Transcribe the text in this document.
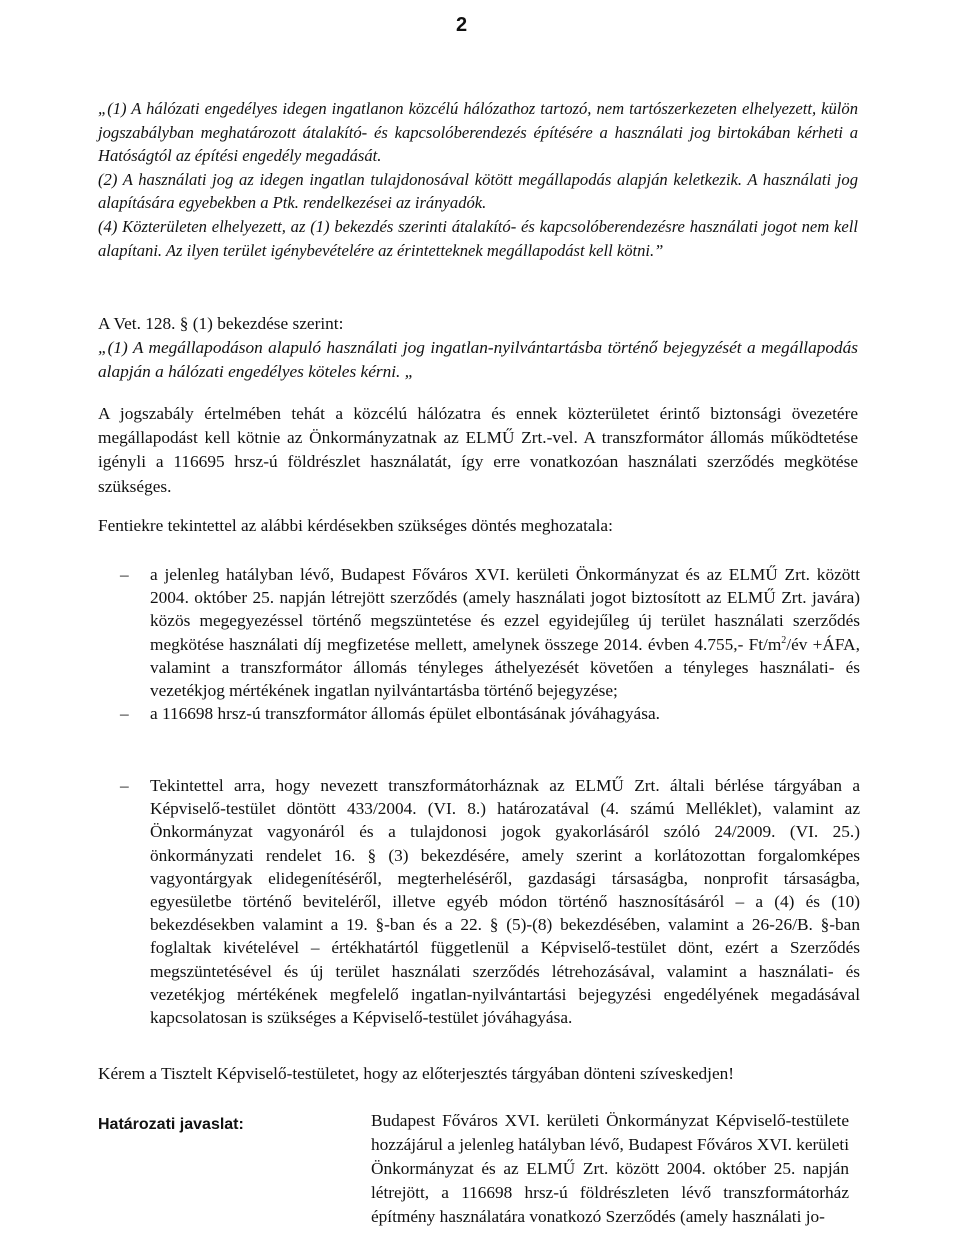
2

„(1) A hálózati engedélyes idegen ingatlanon közcélú hálózathoz tartozó, nem tartószerkezeten elhelyezett, külön jogszabályban meghatározott átalakító- és kapcsolóberendezés építésére a használati jog birtokában kérheti a Hatóságtól az építési engedély megadását.

(2) A használati jog az idegen ingatlan tulajdonosával kötött megállapodás alapján keletkezik. A használati jog alapítására egyebekben a Ptk. rendelkezései az irányadók.

(4) Közterületen elhelyezett, az (1) bekezdés szerinti átalakító- és kapcsolóberendezésre használati jogot nem kell alapítani. Az ilyen terület igénybevételére az érintetteknek megállapodást kell kötni.”

A Vet. 128. § (1) bekezdése szerint:

„(1) A megállapodáson alapuló használati jog ingatlan-nyilvántartásba történő bejegyzését a megállapodás alapján a hálózati engedélyes köteles kérni. „

A jogszabály értelmében tehát a közcélú hálózatra és ennek közterületet érintő biztonsági övezetére megállapodást kell kötnie az Önkormányzatnak az ELMŰ Zrt.-vel. A transzformátor állomás működtetése igényli a 116695 hrsz-ú földrészlet használatát, így erre vonatkozóan használati szerződés megkötése szükséges.

Fentiekre tekintettel az alábbi kérdésekben szükséges döntés meghozatala:

– a jelenleg hatályban lévő, Budapest Főváros XVI. kerületi Önkormányzat és az ELMŰ Zrt. között 2004. október 25. napján létrejött szerződés (amely használati jogot biztosított az ELMŰ Zrt. javára) közös megegyezéssel történő megszüntetése és ezzel egyidejűleg új terület használati szerződés megkötése használati díj megfizetése mellett, amelynek összege 2014. évben 4.755,- $Ft/m^2/év$ +ÁFA, valamint a transzformátor állomás tényleges áthelyezését követően a tényleges használati- és vezetékjog mértékének ingatlan nyilvántartásba történő bejegyzése;
– a 116698 hrsz-ú transzformátor állomás épület elbontásának jóváhagyása.
– Tekintettel arra, hogy nevezett transzformátorháznak az ELMŰ Zrt. általi bérlése tárgyában a Képviselő-testület döntött 433/2004. (VI. 8.) határozatával (4. számú Melléklet), valamint az Önkormányzat vagyonáról és a tulajdonosi jogok gyakorlásáról szóló 24/2009. (VI. 25.) önkormányzati rendelet 16. § (3) bekezdésére, amely szerint a korlátozottan forgalomképes vagyontárgyak elidegenítéséről, megterheléséről, gazdasági társaságba, nonprofit társaságba, egyesületbe történő beviteléről, illetve egyéb módon történő hasznosításáról – a (4) és (10) bekezdésekben valamint a 19. §-ban és a 22. § (5)-(8) bekezdésében, valamint a 26-26/B. §-ban foglaltak kivételével – értékhatártól függetlenül a Képviselő-testület dönt, ezért a Szerződés megszüntetésével és új terület használati szerződés létrehozásával, valamint a használati- és vezetékjog mértékének megfelelő ingatlan-nyilvántartási bejegyzési engedélyének megadásával kapcsolatosan is szükséges a Képviselő-testület jóváhagyása.

Kérem a Tisztelt Képviselő-testületet, hogy az előterjesztés tárgyában dönteni szíveskedjen!

Határozati javaslat:	Budapest Főváros XVI. kerületi Önkormányzat Képviselő-testülete hozzájárul a jelenleg hatályban lévő, Budapest Főváros XVI. kerületi Önkormányzat és az ELMŰ Zrt. között 2004. október 25. napján létrejött, a 116698 hrsz-ú földrészleten lévő transzformátorház építmény használatára vonatkozó Szerződés (amely használati jo-
